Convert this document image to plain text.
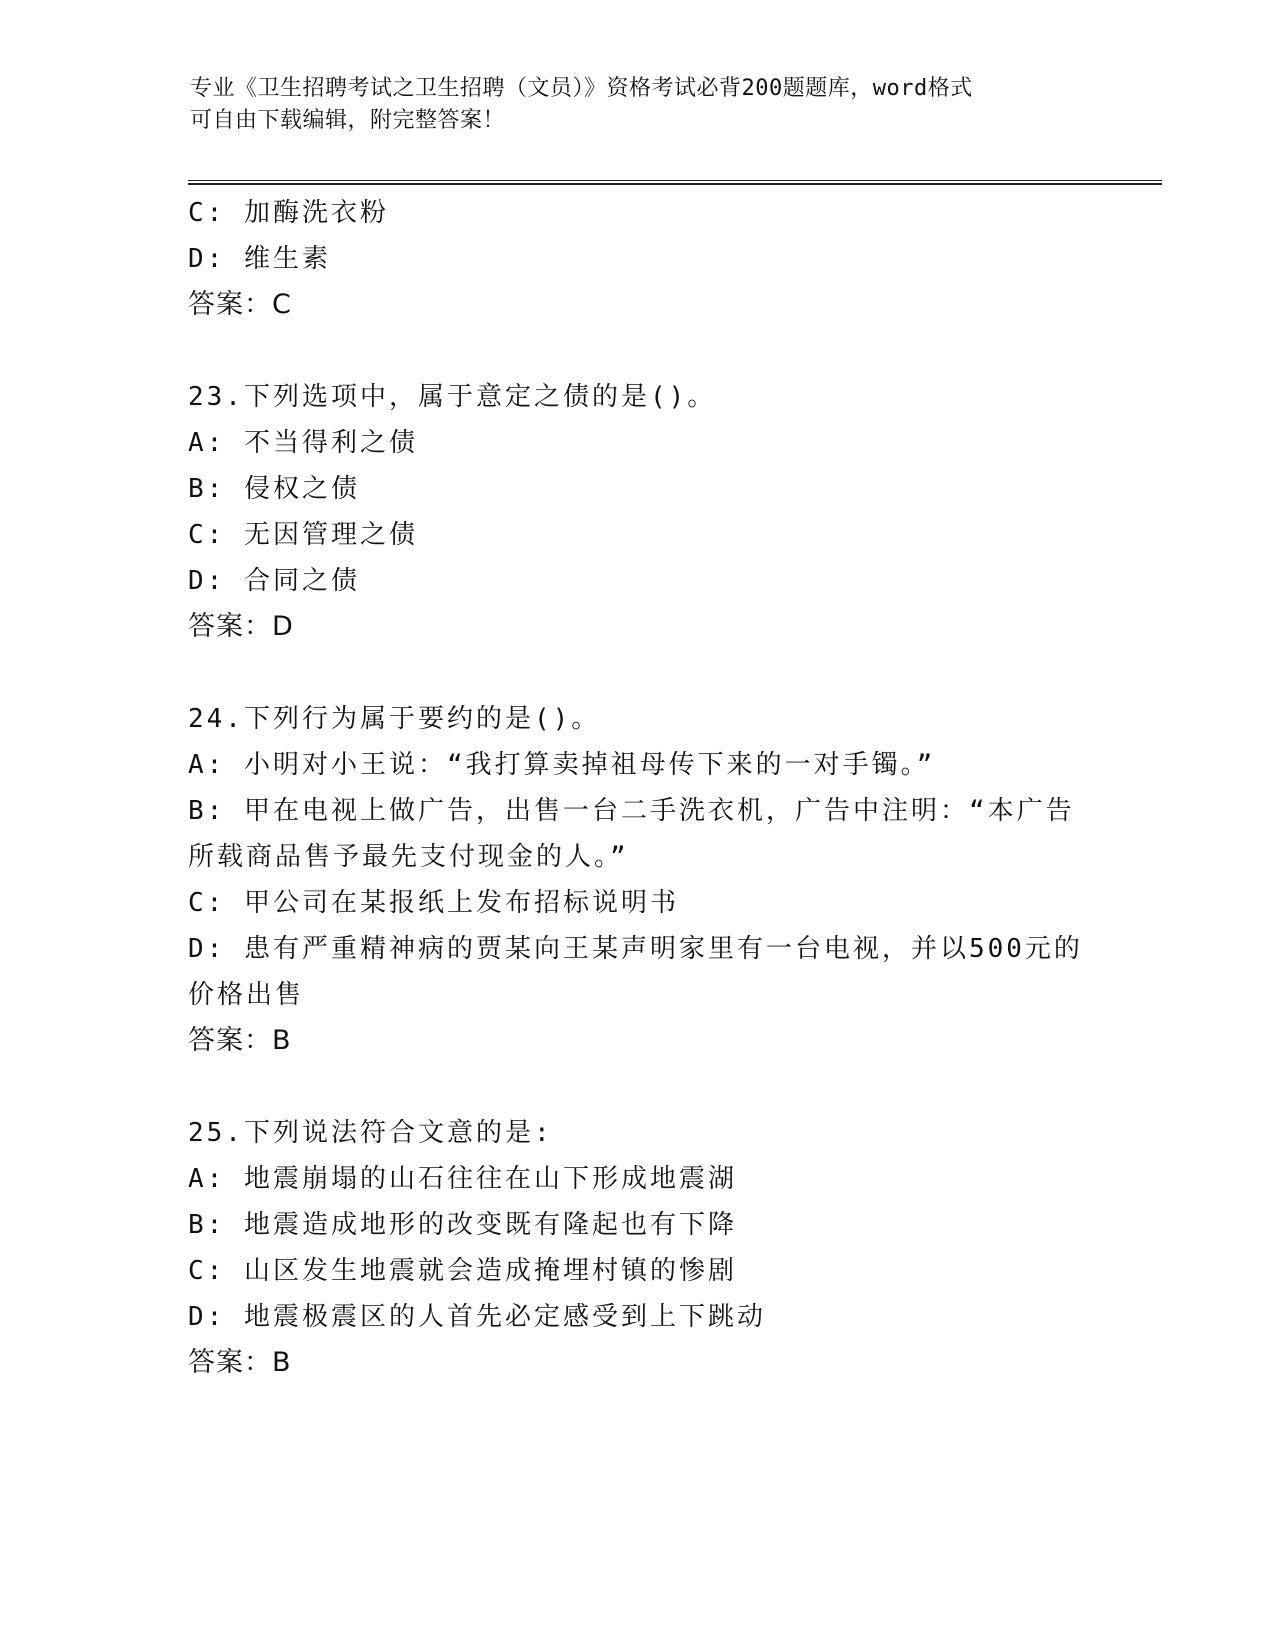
专业《卫生招聘考试之卫生招聘（文员）》资格考试必背200题题库，word格式
可自由下载编辑，附完整答案！
C: 加酶洗衣粉
D: 维生素
答案：C
23.下列选项中，属于意定之债的是()。
A: 不当得利之债
B: 侵权之债
C: 无因管理之债
D: 合同之债
答案：D
24.下列行为属于要约的是()。
A: 小明对小王说：“我打算卖掉祖母传下来的一对手镯。”
B: 甲在电视上做广告，出售一台二手洗衣机，广告中注明：“本广告
所载商品售予最先支付现金的人。”
C: 甲公司在某报纸上发布招标说明书
D: 患有严重精神病的贾某向王某声明家里有一台电视，并以500元的
价格出售
答案：B
25.下列说法符合文意的是:
A: 地震崩塌的山石往往在山下形成地震湖
B: 地震造成地形的改变既有隆起也有下降
C: 山区发生地震就会造成掩埋村镇的惨剧
D: 地震极震区的人首先必定感受到上下跳动
答案：B
